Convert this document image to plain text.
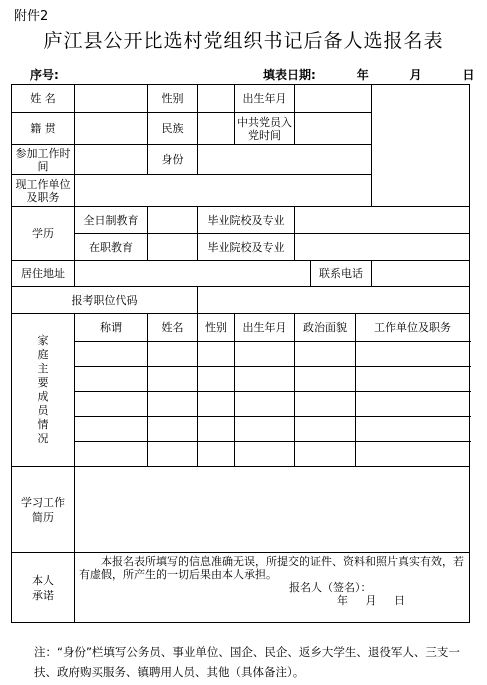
附件2
庐江县公开比选村党组织书记后备人选报名表
序号:	填表日期:	年	月	日
姓 名		性别		出生年月				
籍 贯		民族		中共党员入党时间				
参加工作时间		身份						
现工作单位及职务								
学历	全日制教育		毕业院校及专业					
	在职教育		毕业院校及专业					
居住地址						联系电话		
报考职位代码								

家庭主要成员情况	称谓	姓名	性别	出生年月	政治面貌		工作单位及职务	

学习工作简历								

本人承诺	本报名表所填写的信息准确无误，所提交的证件、资料和照片真实有效，若有虚假，所产生的一切后果由本人承担。
报名人（签名）：
年 月 日							
注：“身份”栏填写公务员、事业单位、国企、民企、返乡大学生、退役军人、三支一扶、政府购买服务、镇聘用人员、其他（具体备注）。
